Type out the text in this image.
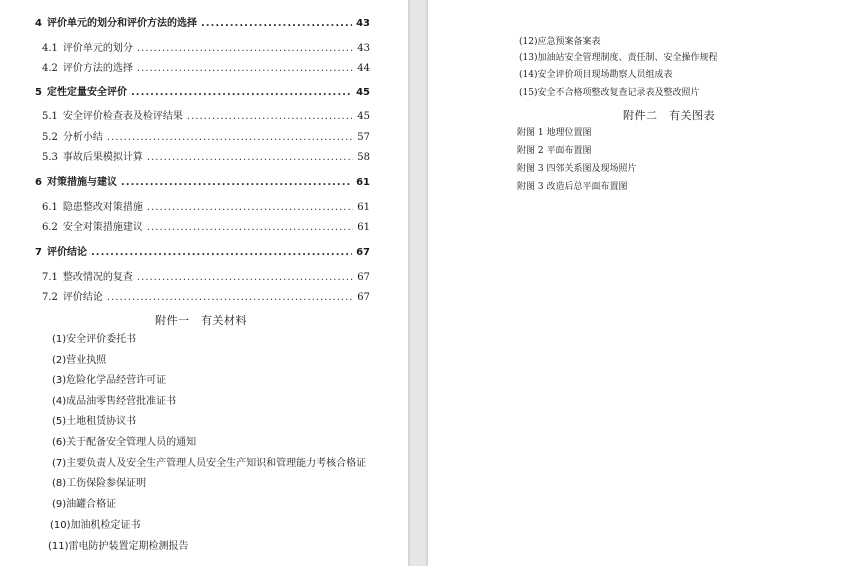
4 评价单元的划分和评价方法的选择 .....	43
4.1 评价单元的划分 .....	43
4.2 评价方法的选择 .....	44
5 定性定量安全评价 .....	45
5.1 安全评价检查表及检评结果 .....	45
5.2 分析小结 .....	57
5.3 事故后果模拟计算 .....	58
6 对策措施与建议 .....	61
6.1 隐患整改对策措施 .....	61
6.2 安全对策措施建议 .....	61
7 评价结论 .....	67
7.1 整改情况的复查 .....	67
7.2 评价结论 .....	67
附件一　有关材料
(1)安全评价委托书
(2)营业执照
(3)危险化学品经营许可证
(4)成品油零售经营批准证书
(5)土地租赁协议书
(6)关于配备安全管理人员的通知
(7)主要负责人及安全生产管理人员安全生产知识和管理能力考核合格证
(8)工伤保险参保证明
(9)油罐合格证
(10)加油机检定证书
(11)雷电防护装置定期检测报告
(12)应急预案备案表
(13)加油站安全管理制度、责任制、安全操作规程
(14)安全评价项目现场勘察人员组成表
(15)安全不合格项整改复查记录表及整改照片
附件二　有关图表
附图 1 地理位置图
附图 2 平面布置图
附图 3 四邻关系图及现场照片
附图 3 改造后总平面布置图
